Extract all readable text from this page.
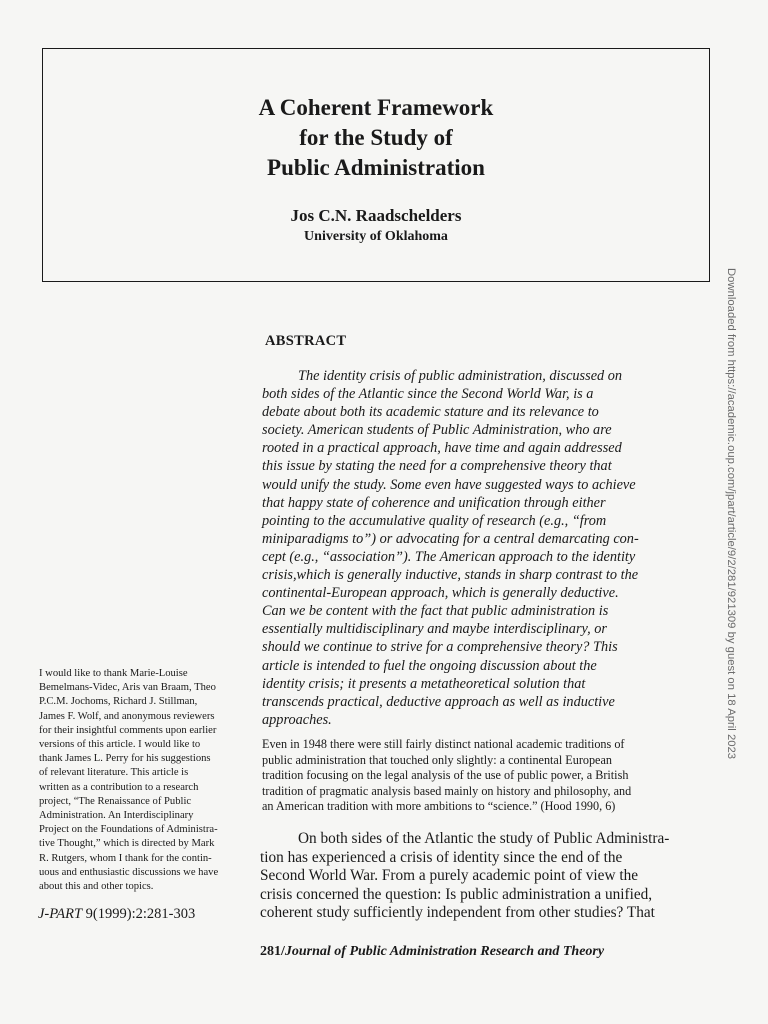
A Coherent Framework
for the Study of
Public Administration
Jos C.N. Raadschelders
University of Oklahoma
ABSTRACT
The identity crisis of public administration, discussed on
both sides of the Atlantic since the Second World War, is a
debate about both its academic stature and its relevance to
society. American students of Public Administration, who are
rooted in a practical approach, have time and again addressed
this issue by stating the need for a comprehensive theory that
would unify the study. Some even have suggested ways to achieve
that happy state of coherence and unification through either
pointing to the accumulative quality of research (e.g., “from
miniparadigms to”) or advocating for a central demarcating con-
cept (e.g., “association”). The American approach to the identity
crisis,which is generally inductive, stands in sharp contrast to the
continental-European approach, which is generally deductive.
Can we be content with the fact that public administration is
essentially multidisciplinary and maybe interdisciplinary, or
should we continue to strive for a comprehensive theory? This
article is intended to fuel the ongoing discussion about the
identity crisis; it presents a metatheoretical solution that
transcends practical, deductive approach as well as inductive
approaches.
Even in 1948 there were still fairly distinct national academic traditions of
public administration that touched only slightly: a continental European
tradition focusing on the legal analysis of the use of public power, a British
tradition of pragmatic analysis based mainly on history and philosophy, and
an American tradition with more ambitions to “science.” (Hood 1990, 6)
On both sides of the Atlantic the study of Public Administra-
tion has experienced a crisis of identity since the end of the
Second World War. From a purely academic point of view the
crisis concerned the question: Is public administration a unified,
coherent study sufficiently independent from other studies? That
I would like to thank Marie-Louise
Bemelmans-Videc, Aris van Braam, Theo
P.C.M. Jochoms, Richard J. Stillman,
James F. Wolf, and anonymous reviewers
for their insightful comments upon earlier
versions of this article. I would like to
thank James L. Perry for his suggestions
of relevant literature. This article is
written as a contribution to a research
project, “The Renaissance of Public
Administration. An Interdisciplinary
Project on the Foundations of Administra-
tive Thought,” which is directed by Mark
R. Rutgers, whom I thank for the contin-
uous and enthusiastic discussions we have
about this and other topics.
J-PART 9(1999):2:281-303
281/Journal of Public Administration Research and Theory
Downloaded from https://academic.oup.com/jpart/article/9/2/281/921309 by guest on 18 April 2023
